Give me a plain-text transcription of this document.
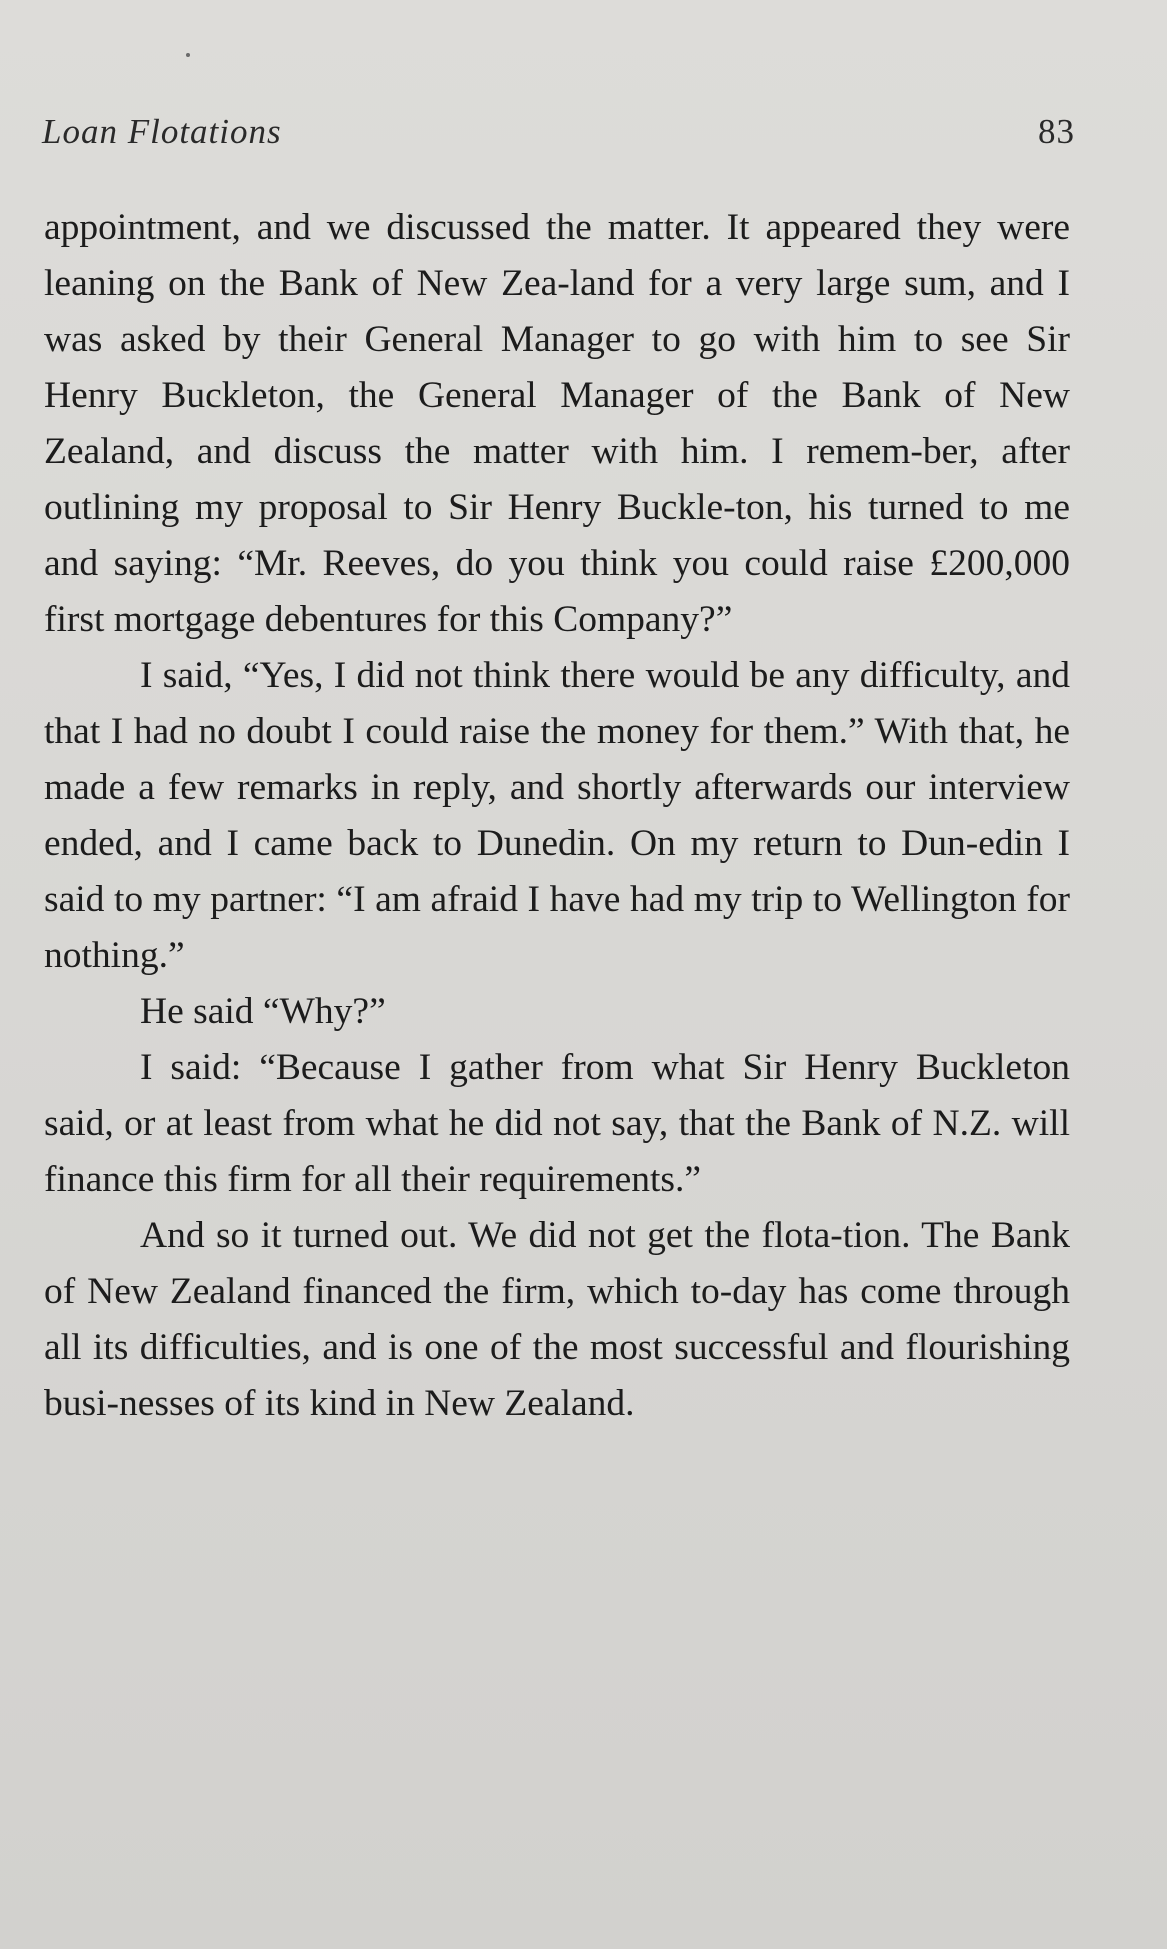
Loan Flotations	83

appointment, and we discussed the matter. It appeared they were leaning on the Bank of New Zea-land for a very large sum, and I was asked by their General Manager to go with him to see Sir Henry Buckleton, the General Manager of the Bank of New Zealand, and discuss the matter with him. I remem-ber, after outlining my proposal to Sir Henry Buckle-ton, his turned to me and saying: “Mr. Reeves, do you think you could raise £200,000 first mortgage debentures for this Company?”

I said, “Yes, I did not think there would be any difficulty, and that I had no doubt I could raise the money for them.” With that, he made a few remarks in reply, and shortly afterwards our interview ended, and I came back to Dunedin. On my return to Dun-edin I said to my partner: “I am afraid I have had my trip to Wellington for nothing.”

He said “Why?”

I said: “Because I gather from what Sir Henry Buckleton said, or at least from what he did not say, that the Bank of N.Z. will finance this firm for all their requirements.”

And so it turned out. We did not get the flota-tion. The Bank of New Zealand financed the firm, which to-day has come through all its difficulties, and is one of the most successful and flourishing busi-nesses of its kind in New Zealand.
